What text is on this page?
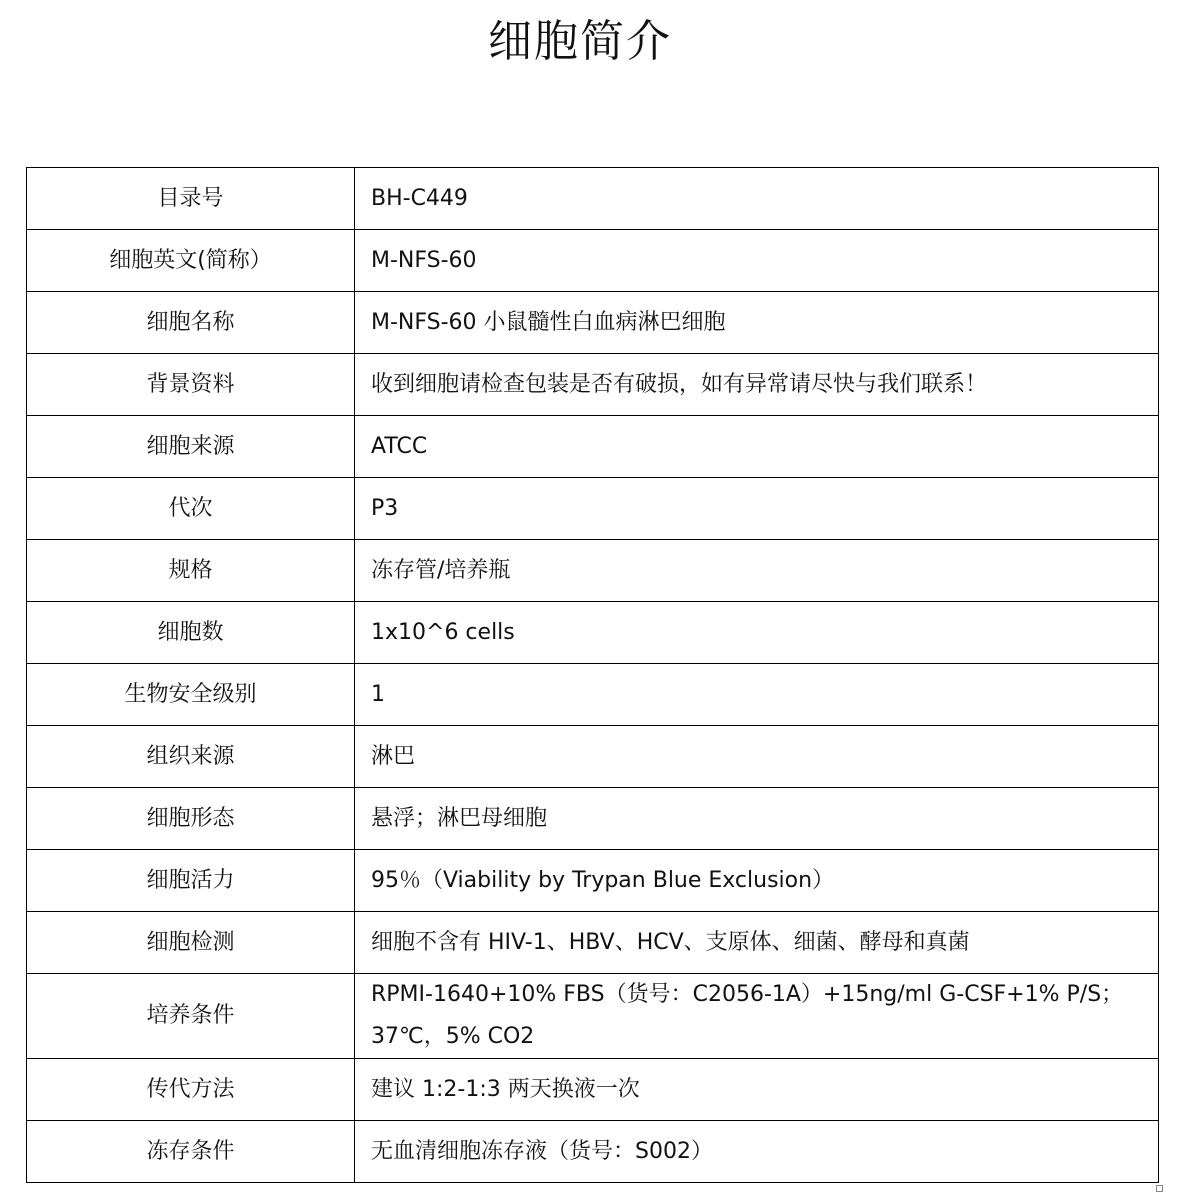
细胞简介
目录号	BH-C449
细胞英文(简称）	M-NFS-60
细胞名称	M-NFS-60 小鼠髓性白血病淋巴细胞
背景资料	收到细胞请检查包装是否有破损，如有异常请尽快与我们联系！
细胞来源	ATCC
代次	P3
规格	冻存管/培养瓶
细胞数	1x10^6 cells
生物安全级别	1
组织来源	淋巴
细胞形态	悬浮；淋巴母细胞
细胞活力	95％（Viability by Trypan Blue Exclusion）
细胞检测	细胞不含有 HIV-1、HBV、HCV、支原体、细菌、酵母和真菌
培养条件	RPMI-1640+10% FBS（货号：C2056-1A）+15ng/ml G-CSF+1% P/S；37℃，5% CO2
传代方法	建议 1:2-1:3 两天换液一次
冻存条件	无血清细胞冻存液（货号：S002）
